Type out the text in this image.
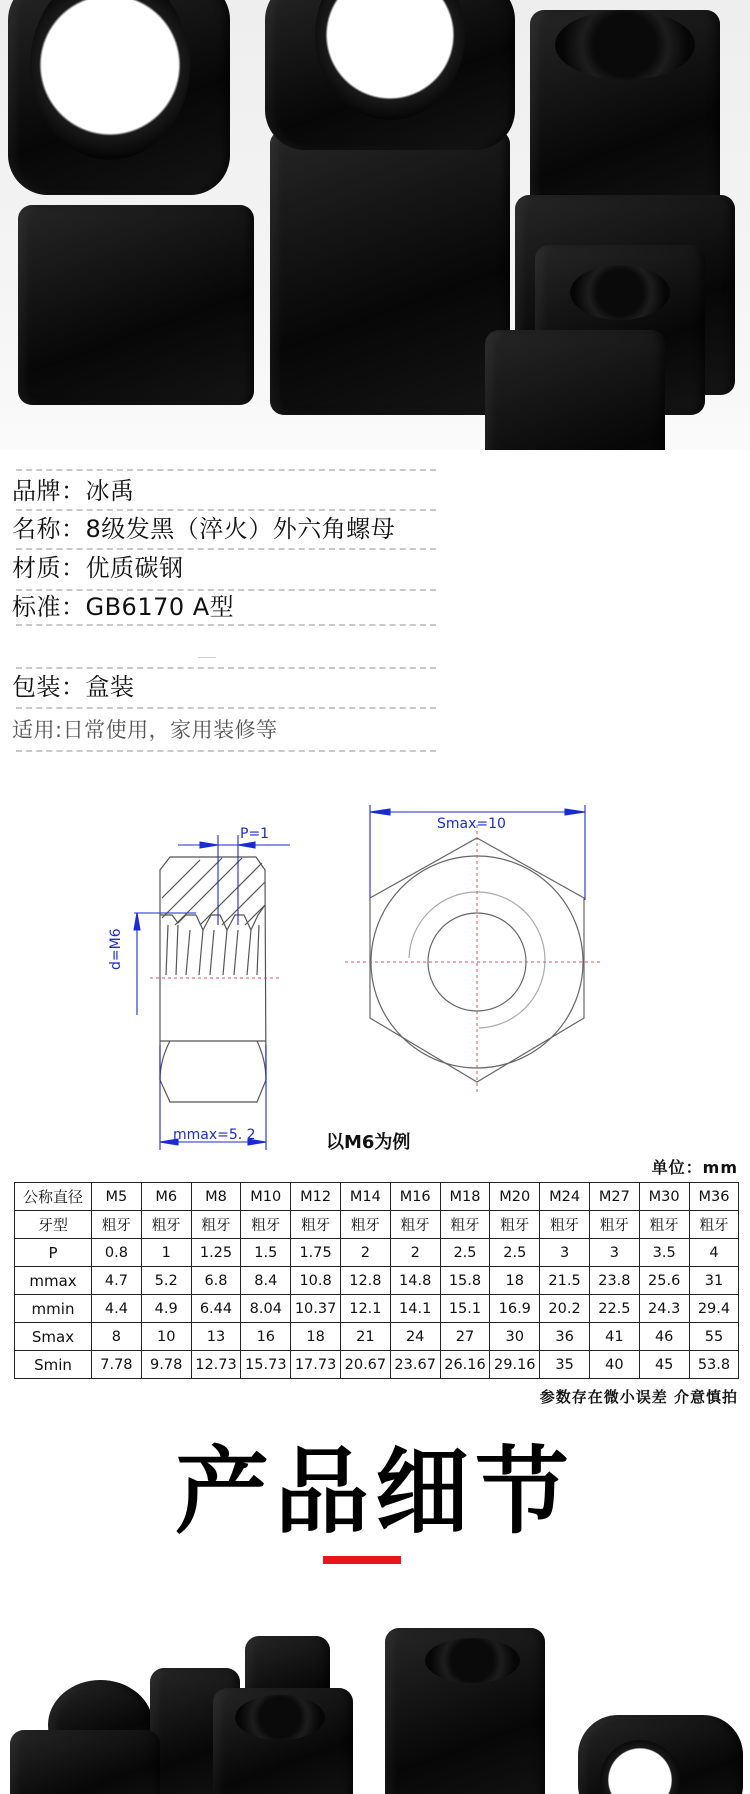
品牌：冰禹
名称：8级发黑（淬火）外六角螺母
材质：优质碳钢
标准：GB6170 A型
包装：盒装
适用:日常使用，家用装修等
P=1
d=M6
mmax=5. 2
Smax=10
以M6为例
单位：mm
公称直径	M5	M6	M8	M10	M12	M14	M16	M18	M20	M24	M27	M30	M36
牙型	粗牙	粗牙	粗牙	粗牙	粗牙	粗牙	粗牙	粗牙	粗牙	粗牙	粗牙	粗牙	粗牙
P	0.8	1	1.25	1.5	1.75	2	2	2.5	2.5	3	3	3.5	4
mmax	4.7	5.2	6.8	8.4	10.8	12.8	14.8	15.8	18	21.5	23.8	25.6	31
mmin	4.4	4.9	6.44	8.04	10.37	12.1	14.1	15.1	16.9	20.2	22.5	24.3	29.4
Smax	8	10	13	16	18	21	24	27	30	36	41	46	55
Smin	7.78	9.78	12.73	15.73	17.73	20.67	23.67	26.16	29.16	35	40	45	53.8
参数存在微小误差 介意慎拍
产品细节
